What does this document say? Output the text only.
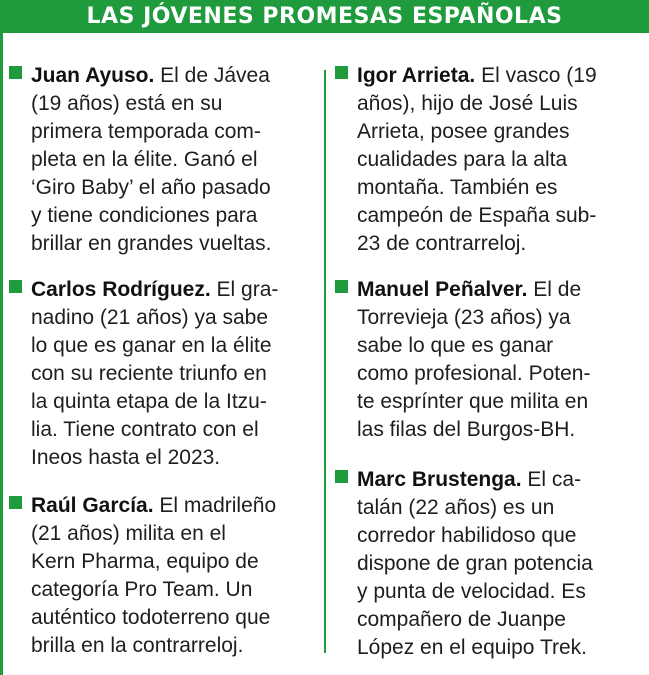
LAS JÓVENES PROMESAS ESPAÑOLAS
Juan Ayuso. El de Jávea
(19 años) está en su
primera temporada com-
pleta en la élite. Ganó el
‘Giro Baby’ el año pasado
y tiene condiciones para
brillar en grandes vueltas.
Carlos Rodríguez. El gra-
nadino (21 años) ya sabe
lo que es ganar en la élite
con su reciente triunfo en
la quinta etapa de la Itzu-
lia. Tiene contrato con el
Ineos hasta el 2023.
Raúl García. El madrileño
(21 años) milita en el
Kern Pharma, equipo de
categoría Pro Team. Un
auténtico todoterreno que
brilla en la contrarreloj.
Igor Arrieta. El vasco (19
años), hijo de José Luis
Arrieta, posee grandes
cualidades para la alta
montaña. También es
campeón de España sub-
23 de contrarreloj.
Manuel Peñalver. El de
Torrevieja (23 años) ya
sabe lo que es ganar
como profesional. Poten-
te esprínter que milita en
las filas del Burgos-BH.
Marc Brustenga. El ca-
talán (22 años) es un
corredor habilidoso que
dispone de gran potencia
y punta de velocidad. Es
compañero de Juanpe
López en el equipo Trek.
